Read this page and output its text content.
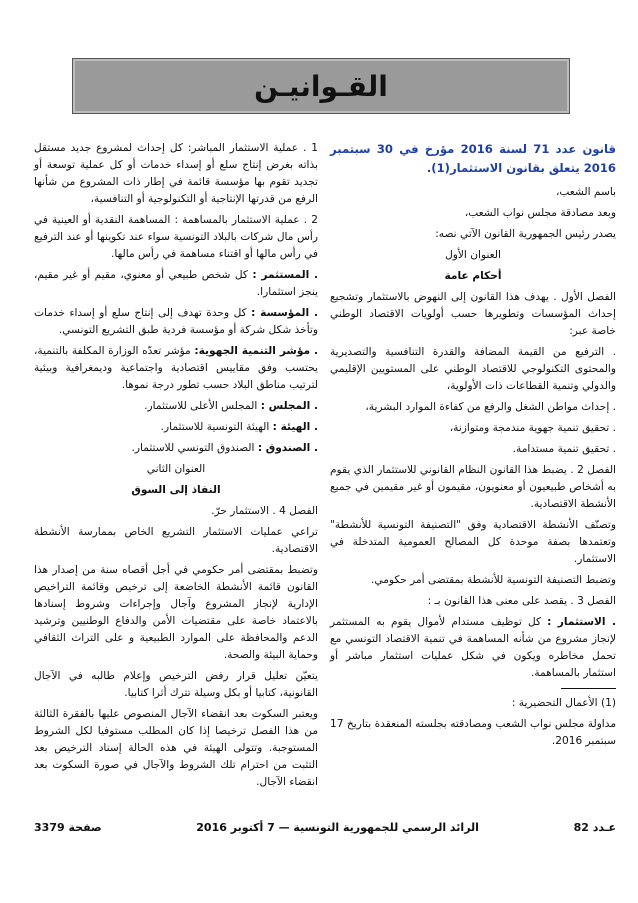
القـوانيـن

قانون عدد 71 لسنة 2016 مؤرخ في 30 سبتمبر 2016 يتعلق بقانون الاستثمار(1).

باسم الشعب،

وبعد مصادقة مجلس نواب الشعب،

يصدر رئيس الجمهورية القانون الآتي نصه:

العنوان الأول

أحكام عامة

الفصل الأول . يهدف هذا القانون إلى النهوض بالاستثمار وتشجيع إحداث المؤسسات وتطويرها حسب أولويات الاقتصاد الوطني خاصة عبر:

. الترفيع من القيمة المضافة والقدرة التنافسية والتصديرية والمحتوى التكنولوجي للاقتصاد الوطني على المستويين الإقليمي والدولي وتنمية القطاعات ذات الأولوية،

. إحداث مواطن الشغل والرفع من كفاءة الموارد البشرية،

. تحقيق تنمية جهوية مندمجة ومتوازنة،

. تحقيق تنمية مستدامة.

الفصل 2 . يضبط هذا القانون النظام القانوني للاستثمار الذي يقوم به أشخاص طبيعيون أو معنويون، مقيمون أو غير مقيمين في جميع الأنشطة الاقتصادية.

وتصنّف الأنشطة الاقتصادية وفق "التصنيفة التونسية للأنشطة" وتعتمدها بصفة موحدة كل المصالح العمومية المتدخلة في الاستثمار.

وتضبط التصنيفة التونسية للأنشطة بمقتضى أمر حكومي.

الفصل 3 . يقصد على معنى هذا القانون بـ :

. الاستثمار : كل توظيف مستدام لأموال يقوم به المستثمر لإنجاز مشروع من شأنه المساهمة في تنمية الاقتصاد التونسي مع تحمل مخاطره ويكون في شكل عمليات استثمار مباشر أو استثمار بالمساهمة.

(1) الأعمال التحضيرية :

مداولة مجلس نواب الشعب ومصادقته بجلسته المنعقدة بتاريخ 17 سبتمبر 2016.

1 . عملية الاستثمار المباشر: كل إحداث لمشروع جديد مستقل بذاته بغرض إنتاج سلع أو إسداء خدمات أو كل عملية توسعة أو تجديد تقوم بها مؤسسة قائمة في إطار ذات المشروع من شأنها الرفع من قدرتها الإنتاجية أو التكنولوجية أو التنافسية،

2 . عملية الاستثمار بالمساهمة : المساهمة النقدية أو العينية في رأس مال شركات بالبلاد التونسية سواء عند تكوينها أو عند الترفيع في رأس مالها أو اقتناء مساهمة في رأس مالها.

. المستثمر : كل شخص طبيعي أو معنوي، مقيم أو غير مقيم، ينجز استثمارا.

. المؤسسة : كل وحدة تهدف إلى إنتاج سلع أو إسداء خدمات وتأخذ شكل شركة أو مؤسسة فردية طبق التشريع التونسي.

. مؤشر التنمية الجهوية: مؤشر تعدّه الوزارة المكلفة بالتنمية، يحتسب وفق مقاييس اقتصادية واجتماعية وديمغرافية وبيئية لترتيب مناطق البلاد حسب تطور درجة نموها.

. المجلس : المجلس الأعلى للاستثمار.

. الهيئة : الهيئة التونسية للاستثمار.

. الصندوق : الصندوق التونسي للاستثمار.

العنوان الثاني

النفاذ إلى السوق

الفصل 4 . الاستثمار حرّ.

تراعي عمليات الاستثمار التشريع الخاص بممارسة الأنشطة الاقتصادية.

وتضبط بمقتضى أمر حكومي في أجل أقصاه سنة من إصدار هذا القانون قائمة الأنشطة الخاضعة إلى ترخيص وقائمة التراخيص الإدارية لإنجاز المشروع وآجال وإجراءات وشروط إسنادها بالاعتماد خاصة على مقتضيات الأمن والدفاع الوطنيين وترشيد الدعم والمحافظة على الموارد الطبيعية و على التراث الثقافي وحماية البيئة والصحة.

يتعيّن تعليل قرار رفض الترخيص وإعلام طالبه في الآجال القانونية، كتابيا أو بكل وسيلة تترك أثرا كتابيا.

ويعتبر السكوت بعد انقضاء الآجال المنصوص عليها بالفقرة الثالثة من هذا الفصل ترخيصا إذا كان المطلب مستوفيا لكل الشروط المستوجبة. وتتولى الهيئة في هذه الحالة إسناد الترخيص بعد التثبت من احترام تلك الشروط والآجال في صورة السكوت بعد انقضاء الآجال.

عـدد 82
الرائد الرسمي للجمهورية التونسية — 7 أكتوبر 2016
صفحة 3379
